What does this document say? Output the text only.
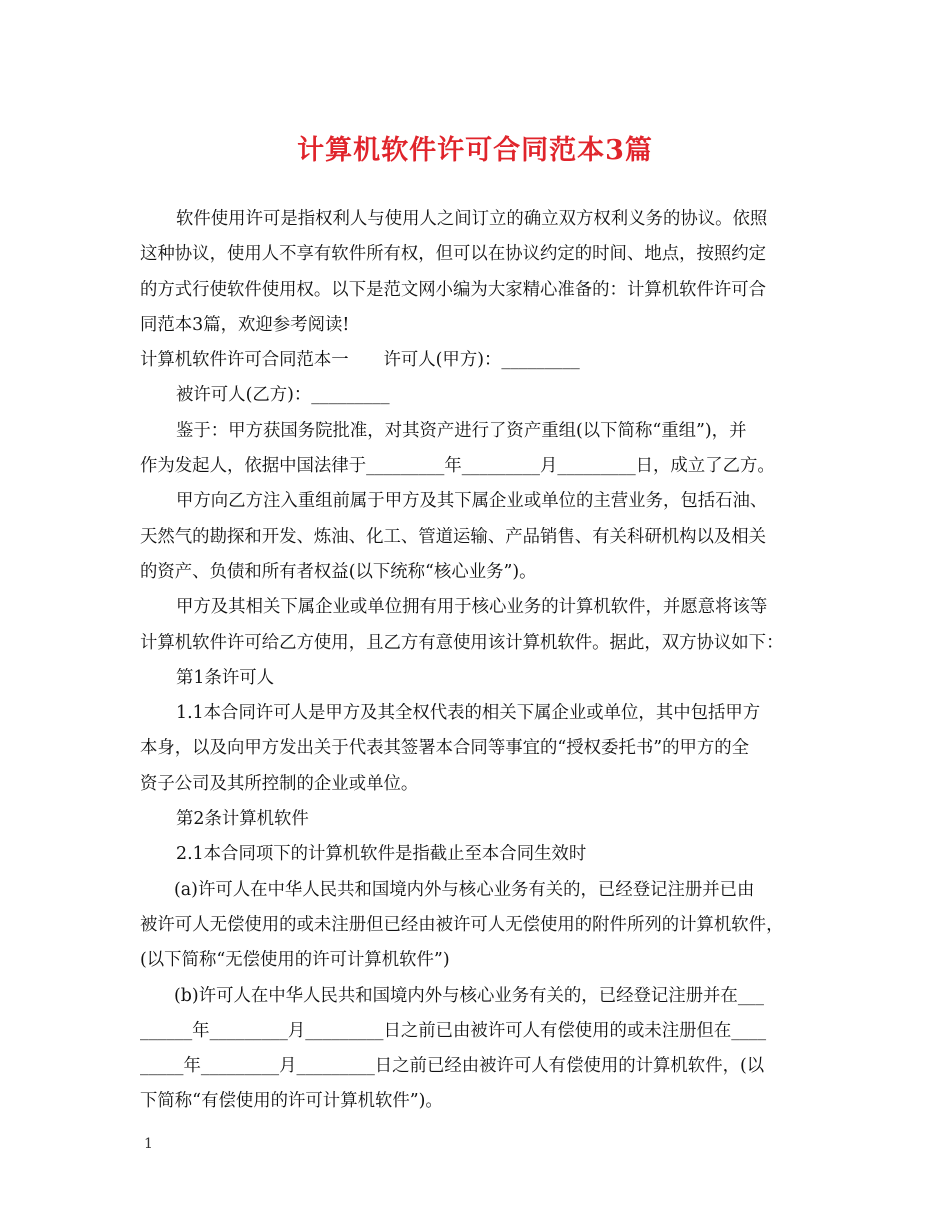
计算机软件许可合同范本3篇
软件使用许可是指权利人与使用人之间订立的确立双方权利义务的协议。依照
这种协议，使用人不享有软件所有权，但可以在协议约定的时间、地点，按照约定
的方式行使软件使用权。以下是范文网小编为大家精心准备的：计算机软件许可合
同范本3篇，欢迎参考阅读!
计算机软件许可合同范本一　　许可人(甲方)：_________
被许可人(乙方)：_________
鉴于：甲方获国务院批准，对其资产进行了资产重组(以下简称“重组”)，并
作为发起人，依据中国法律于_________年_________月_________日，成立了乙方。
甲方向乙方注入重组前属于甲方及其下属企业或单位的主营业务，包括石油、
天然气的勘探和开发、炼油、化工、管道运输、产品销售、有关科研机构以及相关
的资产、负债和所有者权益(以下统称“核心业务”)。
甲方及其相关下属企业或单位拥有用于核心业务的计算机软件，并愿意将该等
计算机软件许可给乙方使用，且乙方有意使用该计算机软件。据此，双方协议如下：
第1条许可人
1.1本合同许可人是甲方及其全权代表的相关下属企业或单位，其中包括甲方
本身，以及向甲方发出关于代表其签署本合同等事宜的“授权委托书”的甲方的全
资子公司及其所控制的企业或单位。
第2条计算机软件
2.1本合同项下的计算机软件是指截止至本合同生效时
(a)许可人在中华人民共和国境内外与核心业务有关的，已经登记注册并已由
被许可人无偿使用的或未注册但已经由被许可人无偿使用的附件所列的计算机软件，
(以下简称“无偿使用的许可计算机软件”)
(b)许可人在中华人民共和国境内外与核心业务有关的，已经登记注册并在___
______年_________月_________日之前已由被许可人有偿使用的或未注册但在____
_____年_________月_________日之前已经由被许可人有偿使用的计算机软件，(以
下简称“有偿使用的许可计算机软件”)。
1
